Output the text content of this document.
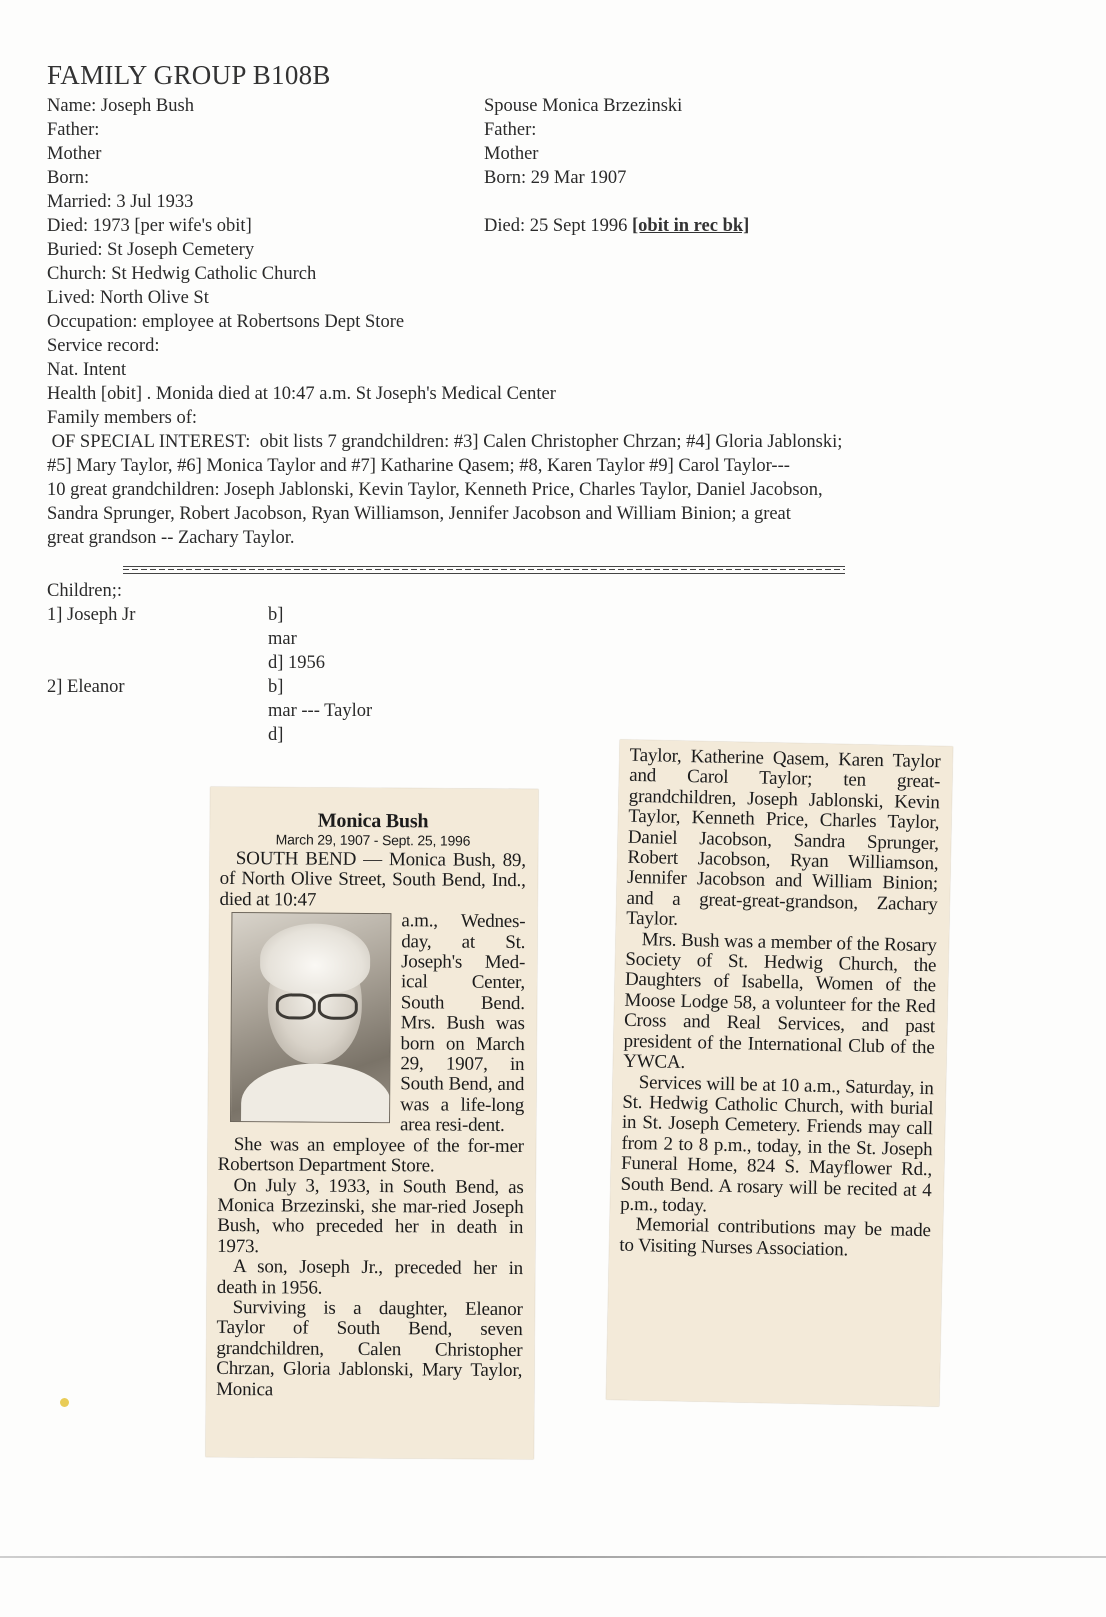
FAMILY GROUP B108B
Name: Joseph Bush
Father:
Mother
Born:
Married: 3 Jul 1933
Died: 1973 [per wife's obit]
Buried: St Joseph Cemetery
Church: St Hedwig Catholic Church
Lived: North Olive St
Occupation: employee at Robertsons Dept Store
Service record:
Nat. Intent
Health [obit] . Monida died at 10:47 a.m. St Joseph's Medical Center
Family members of:
OF SPECIAL INTEREST:  obit lists 7 grandchildren: #3] Calen Christopher Chrzan; #4] Gloria Jablonski;
#5] Mary Taylor, #6] Monica Taylor and #7] Katharine Qasem; #8, Karen Taylor #9] Carol Taylor---
10 great grandchildren: Joseph Jablonski, Kevin Taylor, Kenneth Price, Charles Taylor, Daniel Jacobson,
Sandra Sprunger, Robert Jacobson, Ryan Williamson, Jennifer Jacobson and William Binion; a great
great grandson -- Zachary Taylor.
Spouse Monica Brzezinski
Father:
Mother
Born: 29 Mar 1907
Died: 25 Sept 1996 [obit in rec bk]
Children;:
1] Joseph Jr	b]
mar
d] 1956
2] Eleanor	b]
mar --- Taylor
d]

Monica Bush

March 29, 1907 - Sept. 25, 1996

SOUTH BEND — Monica Bush, 89, of North Olive Street, South Bend, Ind., died at 10:47

a.m., Wednes-day, at St. Joseph's Med-ical Center, South Bend. Mrs. Bush was born on March 29, 1907, in South Bend, and was a life-long area resi-dent.

She was an employee of the for-mer Robertson Department Store.

On July 3, 1933, in South Bend, as Monica Brzezinski, she mar-ried Joseph Bush, who preceded her in death in 1973.

A son, Joseph Jr., preceded her in death in 1956.

Surviving is a daughter, Eleanor Taylor of South Bend, seven grandchildren, Calen Christopher Chrzan, Gloria Jablonski, Mary Taylor, Monica

Taylor, Katherine Qasem, Karen Taylor and Carol Taylor; ten great-grandchildren, Joseph Jablonski, Kevin Taylor, Kenneth Price, Charles Taylor, Daniel Jacobson, Sandra Sprunger, Robert Jacobson, Ryan Williamson, Jennifer Jacobson and William Binion; and a great-great-grandson, Zachary Taylor.

Mrs. Bush was a member of the Rosary Society of St. Hedwig Church, the Daughters of Isabella, Women of the Moose Lodge 58, a volunteer for the Red Cross and Real Services, and past president of the International Club of the YWCA.

Services will be at 10 a.m., Saturday, in St. Hedwig Catholic Church, with burial in St. Joseph Cemetery. Friends may call from 2 to 8 p.m., today, in the St. Joseph Funeral Home, 824 S. Mayflower Rd., South Bend. A rosary will be recited at 4 p.m., today.

Memorial contributions may be made to Visiting Nurses Association.
